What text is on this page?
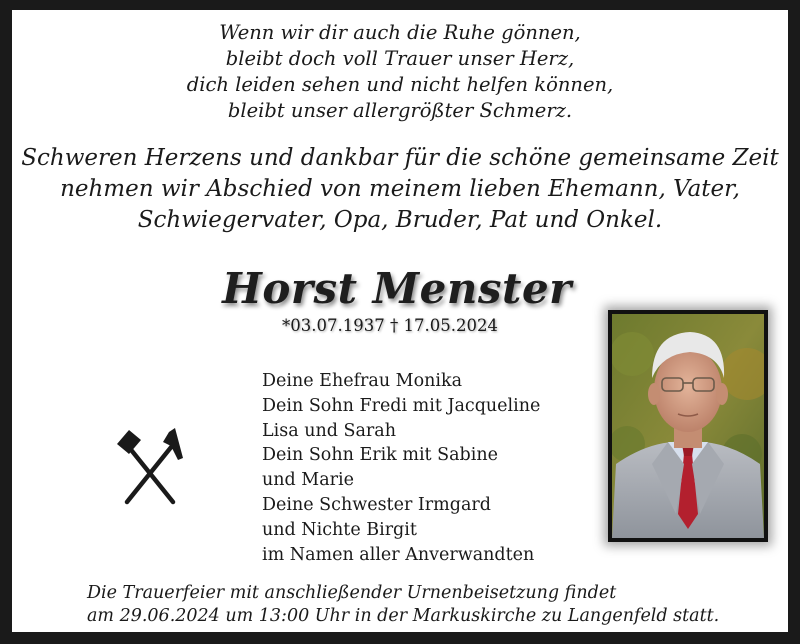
Wenn wir dir auch die Ruhe gönnen,
bleibt doch voll Trauer unser Herz,
dich leiden sehen und nicht helfen können,
bleibt unser allergrößter Schmerz.
Schweren Herzens und dankbar für die schöne gemeinsame Zeit
nehmen wir Abschied von meinem lieben Ehemann, Vater,
Schwiegervater, Opa, Bruder, Pat und Onkel.
Horst Menster
*03.07.1937 † 17.05.2024
Deine Ehefrau Monika
Dein Sohn Fredi mit Jacqueline
Lisa und Sarah
Dein Sohn Erik mit Sabine
und Marie
Deine Schwester Irmgard
und Nichte Birgit
im Namen aller Anverwandten
Die Trauerfeier mit anschließender Urnenbeisetzung findet
am 29.06.2024 um 13:00 Uhr in der Markuskirche zu Langenfeld statt.
